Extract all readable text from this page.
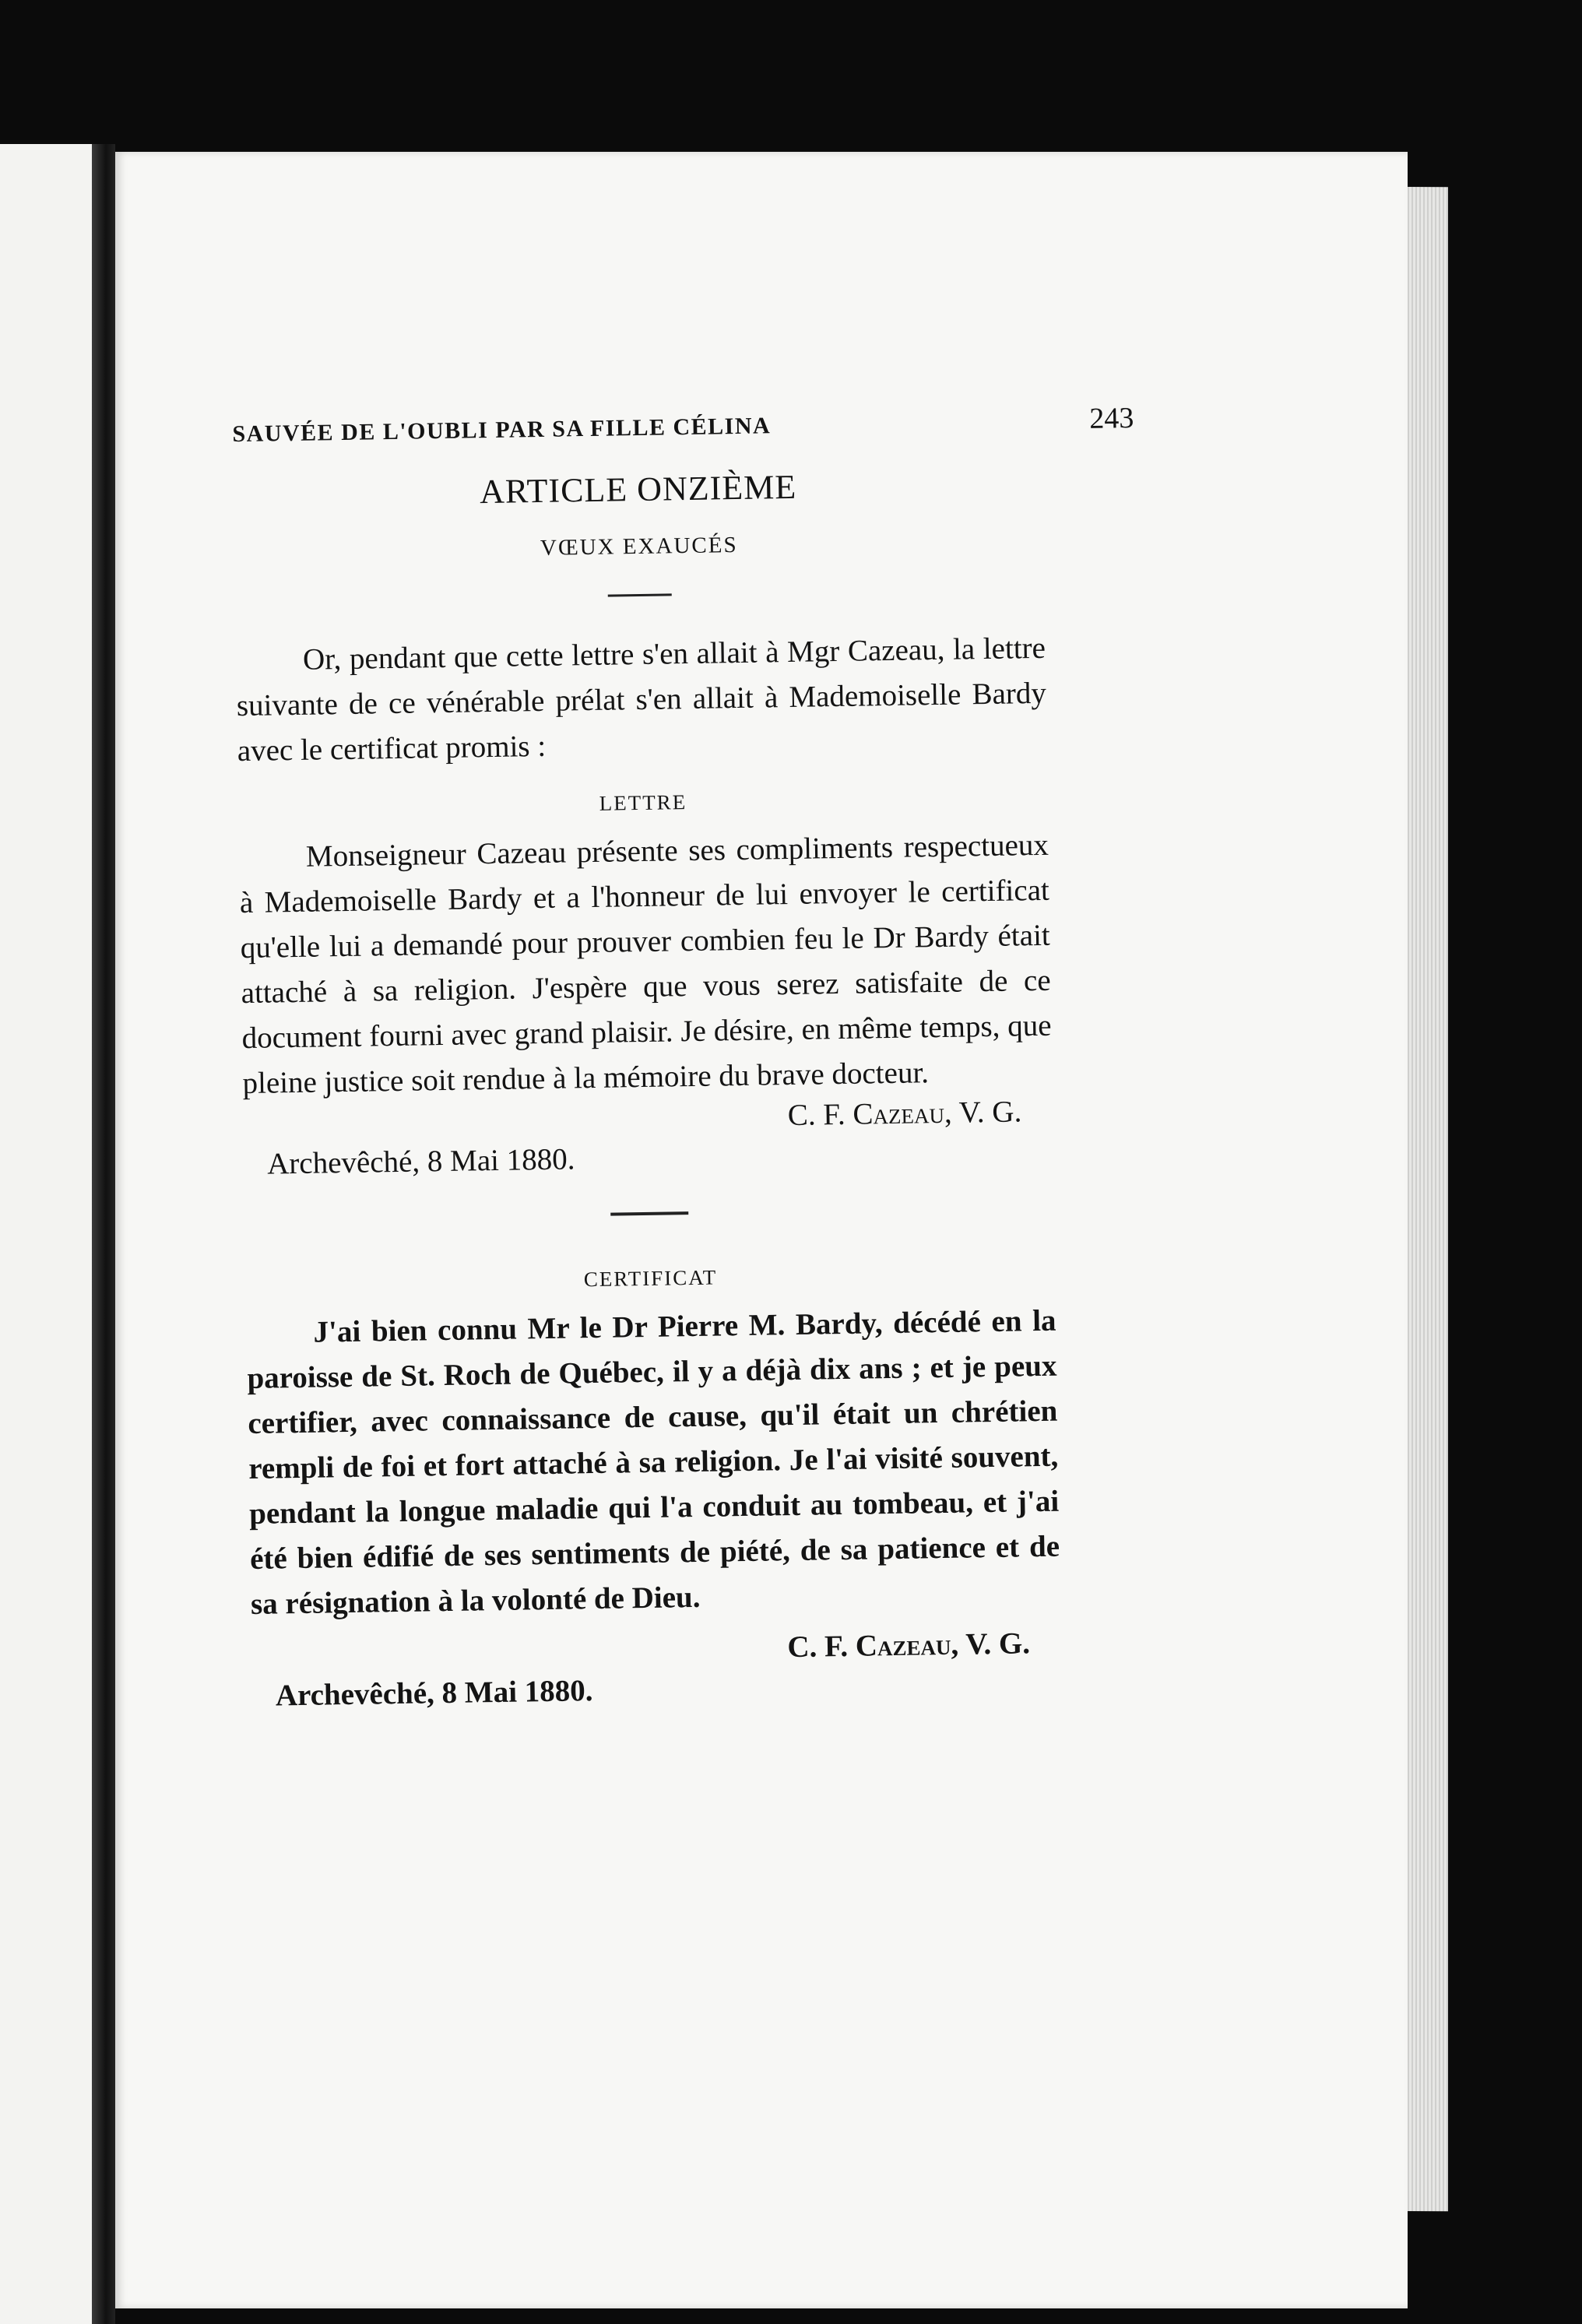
SAUVÉE DE L'OUBLI PAR SA FILLE CÉLINA	243
ARTICLE ONZIÈME
VŒUX EXAUCÉS

Or, pendant que cette lettre s'en allait à Mgr Cazeau, la lettre suivante de ce vénérable prélat s'en allait à Mademoiselle Bardy avec le certificat promis :

LETTRE

Monseigneur Cazeau présente ses compliments respectueux à Mademoiselle Bardy et a l'honneur de lui envoyer le certificat qu'elle lui a demandé pour prouver combien feu le Dr Bardy était attaché à sa religion. J'espère que vous serez satisfaite de ce document fourni avec grand plaisir. Je désire, en même temps, que pleine justice soit rendue à la mémoire du brave docteur.

C. F. Cazeau, V. G.
Archevêché, 8 Mai 1880.
CERTIFICAT

J'ai bien connu Mr le Dr Pierre M. Bardy, décédé en la paroisse de St. Roch de Québec, il y a déjà dix ans ; et je peux certifier, avec connaissance de cause, qu'il était un chrétien rempli de foi et fort attaché à sa religion. Je l'ai visité souvent, pendant la longue maladie qui l'a conduit au tombeau, et j'ai été bien édifié de ses sentiments de piété, de sa patience et de sa résignation à la volonté de Dieu.

C. F. Cazeau, V. G.
Archevêché, 8 Mai 1880.
